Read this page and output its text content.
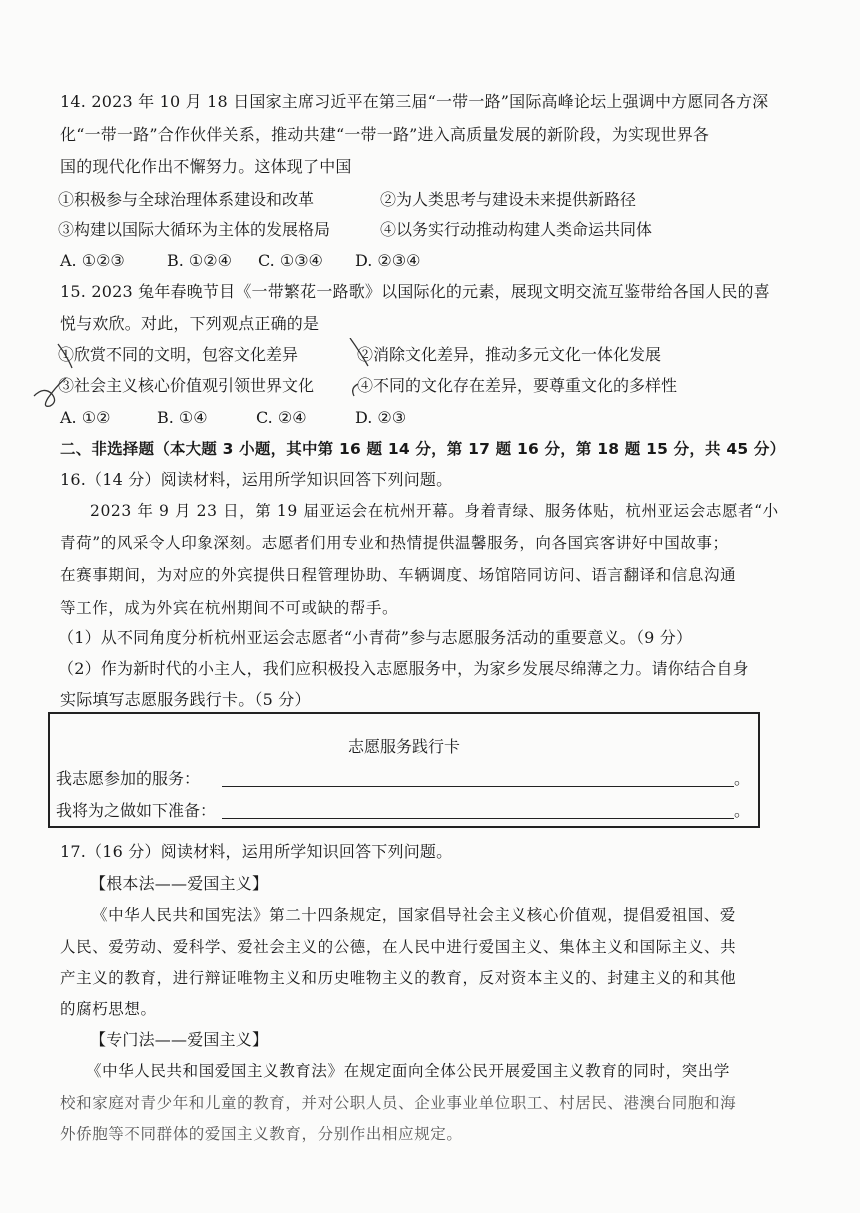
14. 2023 年 10 月 18 日国家主席习近平在第三届“一带一路”国际高峰论坛上强调中方愿同各方深
化“一带一路”合作伙伴关系，推动共建“一带一路”进入高质量发展的新阶段，为实现世界各
国的现代化作出不懈努力。这体现了中国
①积极参与全球治理体系建设和改革	②为人类思考与建设未来提供新路径
③构建以国际大循环为主体的发展格局	④以务实行动推动构建人类命运共同体
A. ①②③	B. ①②④ C. ①③④ D. ②③④
15. 2023 兔年春晚节目《一带繁花一路歌》以国际化的元素，展现文明交流互鉴带给各国人民的喜
悦与欢欣。对此，下列观点正确的是
①欣赏不同的文明，包容文化差异	②消除文化差异，推动多元文化一体化发展
③社会主义核心价值观引领世界文化	④不同的文化存在差异，要尊重文化的多样性
A. ①②	B. ①④	C. ②④	D. ②③
二、非选择题（本大题 3 小题，其中第 16 题 14 分，第 17 题 16 分，第 18 题 15 分，共 45 分）
16.（14 分）阅读材料，运用所学知识回答下列问题。
2023 年 9 月 23 日，第 19 届亚运会在杭州开幕。身着青绿、服务体贴，杭州亚运会志愿者“小
青荷”的风采令人印象深刻。志愿者们用专业和热情提供温馨服务，向各国宾客讲好中国故事；
在赛事期间，为对应的外宾提供日程管理协助、车辆调度、场馆陪同访问、语言翻译和信息沟通
等工作，成为外宾在杭州期间不可或缺的帮手。
（1）从不同角度分析杭州亚运会志愿者“小青荷”参与志愿服务活动的重要意义。（9 分）
（2）作为新时代的小主人，我们应积极投入志愿服务中，为家乡发展尽绵薄之力。请你结合自身
实际填写志愿服务践行卡。（5 分）
志愿服务践行卡
我志愿参加的服务：	。
我将为之做如下准备：	。
17.（16 分）阅读材料，运用所学知识回答下列问题。
【根本法——爱国主义】
《中华人民共和国宪法》第二十四条规定，国家倡导社会主义核心价值观，提倡爱祖国、爱
人民、爱劳动、爱科学、爱社会主义的公德，在人民中进行爱国主义、集体主义和国际主义、共
产主义的教育，进行辩证唯物主义和历史唯物主义的教育，反对资本主义的、封建主义的和其他
的腐朽思想。
【专门法——爱国主义】
《中华人民共和国爱国主义教育法》在规定面向全体公民开展爱国主义教育的同时，突出学
校和家庭对青少年和儿童的教育，并对公职人员、企业事业单位职工、村居民、港澳台同胞和海
外侨胞等不同群体的爱国主义教育，分别作出相应规定。
